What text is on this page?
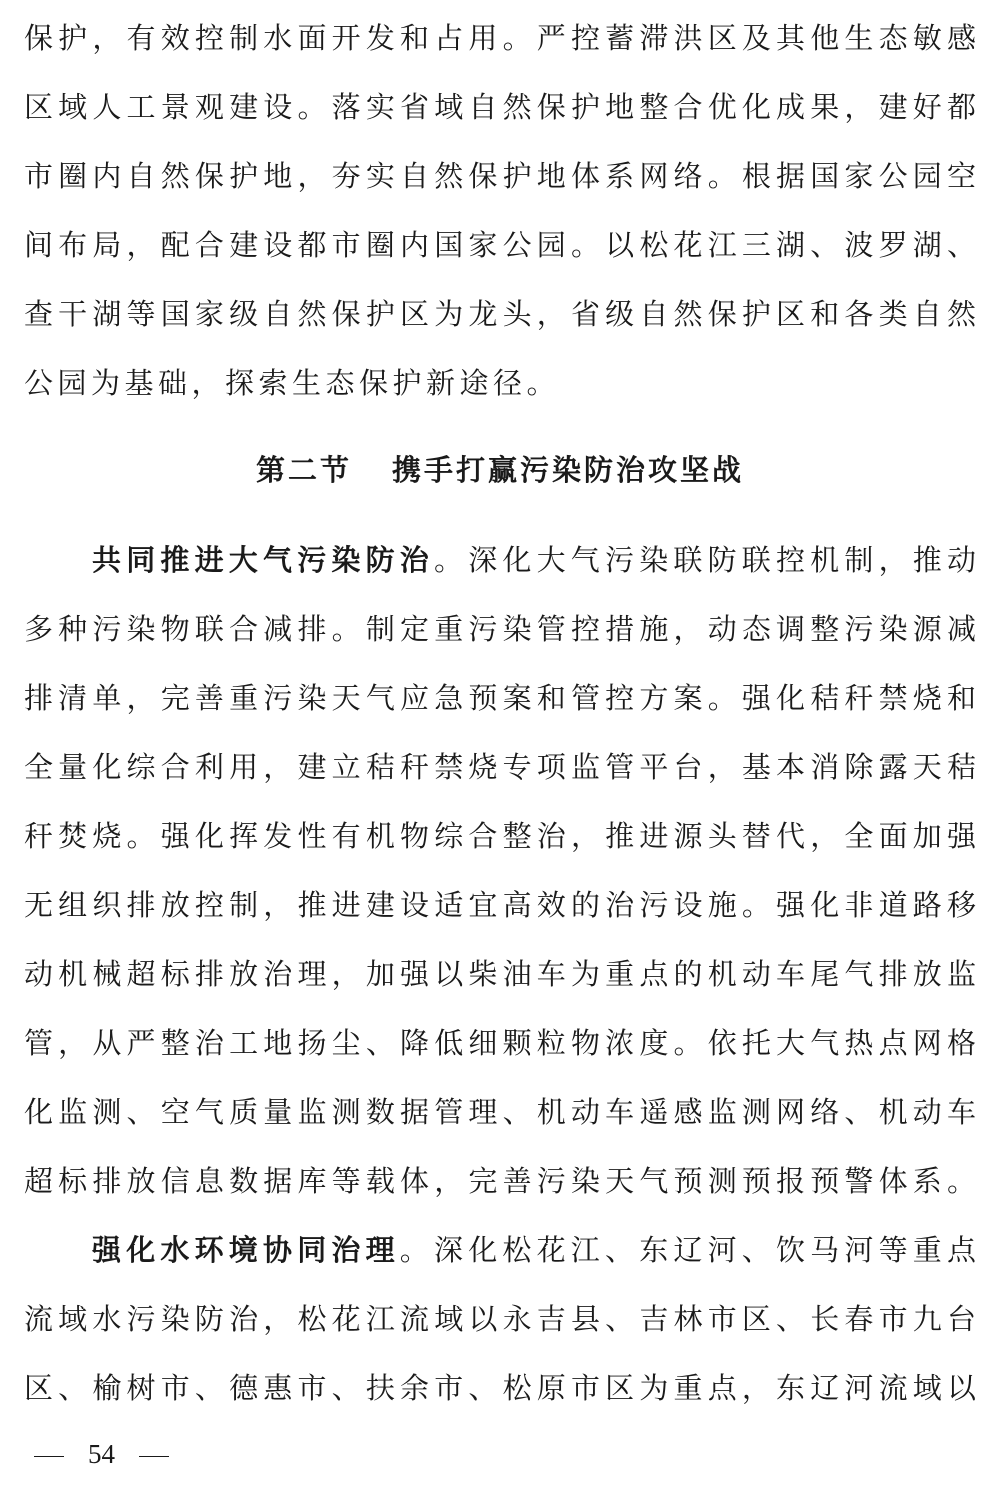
保护，有效控制水面开发和占用。严控蓄滞洪区及其他生态敏感
区域人工景观建设。落实省域自然保护地整合优化成果，建好都
市圈内自然保护地，夯实自然保护地体系网络。根据国家公园空
间布局，配合建设都市圈内国家公园。以松花江三湖、波罗湖、
查干湖等国家级自然保护区为龙头，省级自然保护区和各类自然
公园为基础，探索生态保护新途径。
第二节 携手打赢污染防治攻坚战
共同推进大气污染防治。深化大气污染联防联控机制，推动
多种污染物联合减排。制定重污染管控措施，动态调整污染源减
排清单，完善重污染天气应急预案和管控方案。强化秸秆禁烧和
全量化综合利用，建立秸秆禁烧专项监管平台，基本消除露天秸
秆焚烧。强化挥发性有机物综合整治，推进源头替代，全面加强
无组织排放控制，推进建设适宜高效的治污设施。强化非道路移
动机械超标排放治理，加强以柴油车为重点的机动车尾气排放监
管，从严整治工地扬尘、降低细颗粒物浓度。依托大气热点网格
化监测、空气质量监测数据管理、机动车遥感监测网络、机动车
超标排放信息数据库等载体，完善污染天气预测预报预警体系。
强化水环境协同治理。深化松花江、东辽河、饮马河等重点
流域水污染防治，松花江流域以永吉县、吉林市区、长春市九台
区、榆树市、德惠市、扶余市、松原市区为重点，东辽河流域以
54
